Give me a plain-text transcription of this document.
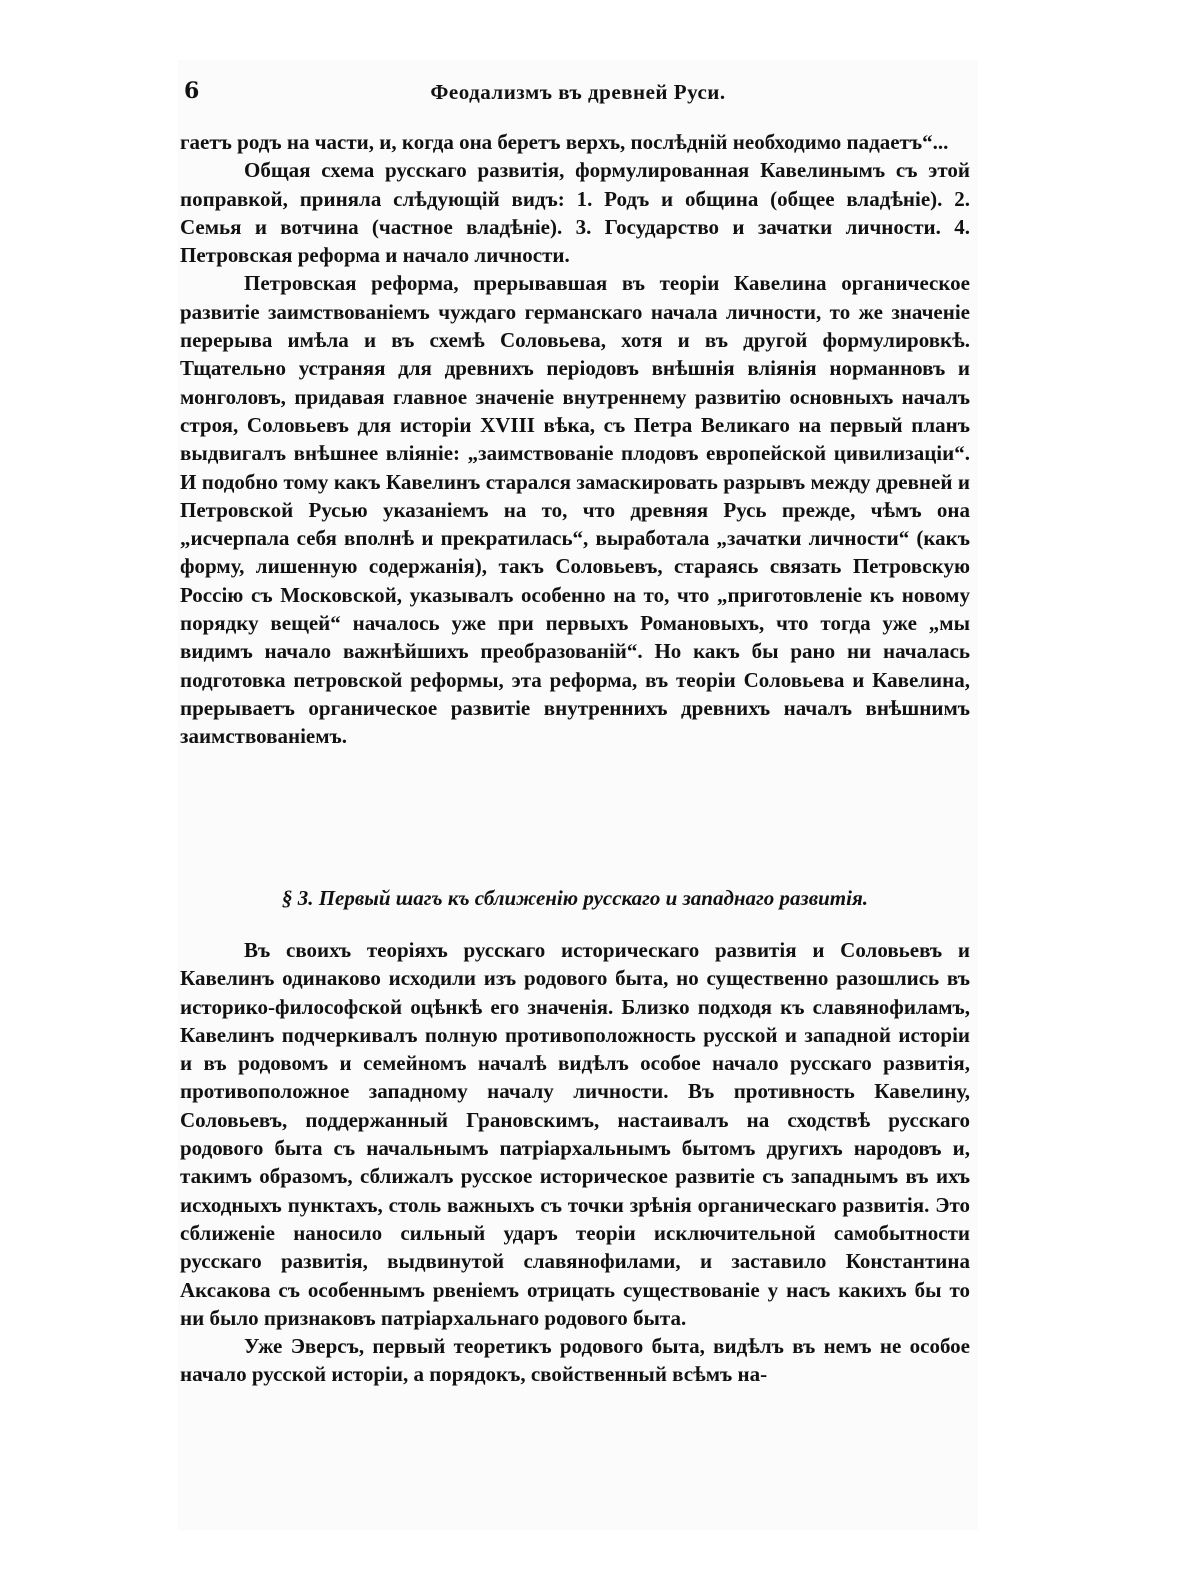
6	Феодализмъ въ древней Руси.

гаетъ родъ на части, и, когда она беретъ верхъ, послѣдній необходимо падаетъ“...

Общая схема русскаго развитія, формулированная Кавелинымъ съ этой поправкой, приняла слѣдующій видъ: 1. Родъ и община (общее владѣніе). 2. Семья и вотчина (частное владѣніе). 3. Государство и зачатки личности. 4. Петровская реформа и начало личности.

Петровская реформа, прерывавшая въ теоріи Кавелина органическое развитіе заимствованіемъ чуждаго германскаго начала личности, то же значеніе перерыва имѣла и въ схемѣ Соловьева, хотя и въ другой формулировкѣ. Тщательно устраняя для древнихъ періодовъ внѣшнія вліянія норманновъ и монголовъ, придавая главное значеніе внутреннему развитію основныхъ началъ строя, Соловьевъ для исторіи XVIII вѣка, съ Петра Великаго на первый планъ выдвигалъ внѣшнее вліяніе: „заимствованіе плодовъ европейской цивилизаціи“. И подобно тому какъ Кавелинъ старался замаскировать разрывъ между древней и Петровской Русью указаніемъ на то, что древняя Русь прежде, чѣмъ она „исчерпала себя вполнѣ и прекратилась“, выработала „зачатки личности“ (какъ форму, лишенную содержанія), такъ Соловьевъ, стараясь связать Петровскую Россію съ Московской, указывалъ особенно на то, что „приготовленіе къ новому порядку вещей“ началось уже при первыхъ Романовыхъ, что тогда уже „мы видимъ начало важнѣйшихъ преобразованій“. Но какъ бы рано ни началась подготовка петровской реформы, эта реформа, въ теоріи Соловьева и Кавелина, прерываетъ органическое развитіе внутреннихъ древнихъ началъ внѣшнимъ заимствованіемъ.

§ 3. Первый шагъ къ сближенію русскаго и западнаго развитія.

Въ своихъ теоріяхъ русскаго историческаго развитія и Соловьевъ и Кавелинъ одинаково исходили изъ родового быта, но существенно разошлись въ историко-философской оцѣнкѣ его значенія. Близко подходя къ славянофиламъ, Кавелинъ подчеркивалъ полную противоположность русской и западной исторіи и въ родовомъ и семейномъ началѣ видѣлъ особое начало русскаго развитія, противоположное западному началу личности. Въ противность Кавелину, Соловьевъ, поддержанный Грановскимъ, настаивалъ на сходствѣ русскаго родового быта съ начальнымъ патріархальнымъ бытомъ другихъ народовъ и, такимъ образомъ, сближалъ русское историческое развитіе съ западнымъ въ ихъ исходныхъ пунктахъ, столь важныхъ съ точки зрѣнія органическаго развитія. Это сближеніе наносило сильный ударъ теоріи исключительной самобытности русскаго развитія, выдвинутой славянофилами, и заставило Константина Аксакова съ особеннымъ рвеніемъ отрицать существованіе у насъ какихъ бы то ни было признаковъ патріархальнаго родового быта.

Уже Эверсъ, первый теоретикъ родового быта, видѣлъ въ немъ не особое начало русской исторіи, а порядокъ, свойственный всѣмъ на-
